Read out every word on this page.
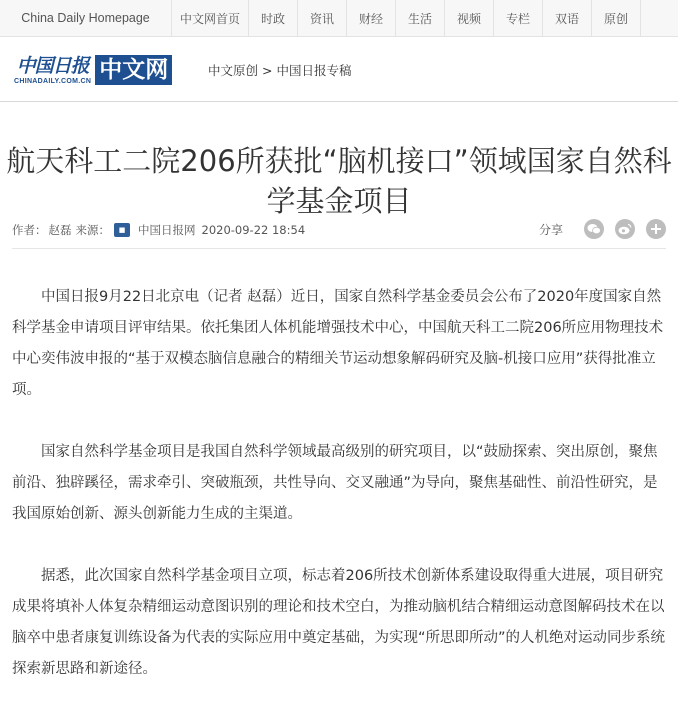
China Daily Homepage	中文网首页	时政	资讯	财经	生活	视频	专栏	双语	原创
中国日报
CHINADAILY.COM.CN 中文网	中文原创 > 中国日报专稿
航天科工二院206所获批“脑机接口”领域国家自然科学基金项目
作者： 赵磊 来源：	■	中国日报网 2020-09-22 18:54	分享

中国日报9月22日北京电（记者 赵磊）近日，国家自然科学基金委员会公布了2020年度国家自然科学基金申请项目评审结果。依托集团人体机能增强技术中心，中国航天科工二院206所应用物理技术中心奕伟波申报的“基于双模态脑信息融合的精细关节运动想象解码研究及脑-机接口应用”获得批准立项。

国家自然科学基金项目是我国自然科学领域最高级别的研究项目，以“鼓励探索、突出原创，聚焦前沿、独辟蹊径，需求牵引、突破瓶颈，共性导向、交叉融通”为导向，聚焦基础性、前沿性研究，是我国原始创新、源头创新能力生成的主渠道。

据悉，此次国家自然科学基金项目立项，标志着206所技术创新体系建设取得重大进展，项目研究成果将填补人体复杂精细运动意图识别的理论和技术空白，为推动脑机结合精细运动意图解码技术在以脑卒中患者康复训练设备为代表的实际应用中奠定基础，为实现“所思即所动”的人机绝对运动同步系统探索新思路和新途径。
